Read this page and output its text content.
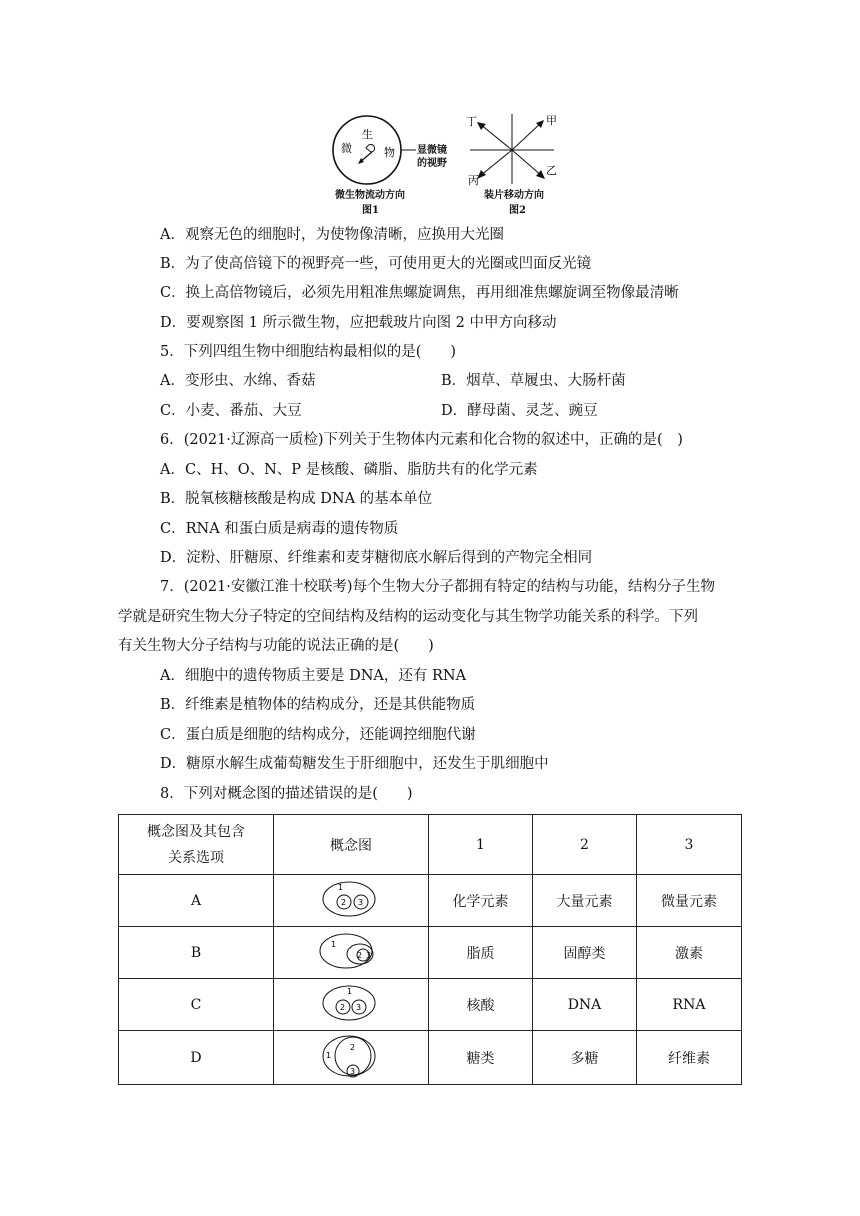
生
微	物 显微镜
的视野
微生物流动方向
图1
丁	甲
丙
乙
装片移动方向
图2
A．观察无色的细胞时，为使物像清晰，应换用大光圈
B．为了使高倍镜下的视野亮一些，可使用更大的光圈或凹面反光镜
C．换上高倍物镜后，必须先用粗准焦螺旋调焦，再用细准焦螺旋调至物像最清晰
D．要观察图 1 所示微生物，应把载玻片向图 2 中甲方向移动
5．下列四组生物中细胞结构最相似的是(　　)
A．变形虫、水绵、香菇	B．烟草、草履虫、大肠杆菌
C．小麦、番茄、大豆	D．酵母菌、灵芝、豌豆
6．(2021·辽源高一质检)下列关于生物体内元素和化合物的叙述中，正确的是(　)
A．C、H、O、N、P 是核酸、磷脂、脂肪共有的化学元素
B．脱氧核糖核酸是构成 DNA 的基本单位
C．RNA 和蛋白质是病毒的遗传物质
D．淀粉、肝糖原、纤维素和麦芽糖彻底水解后得到的产物完全相同
7．(2021·安徽江淮十校联考)每个生物大分子都拥有特定的结构与功能，结构分子生物
学就是研究生物大分子特定的空间结构及结构的运动变化与其生物学功能关系的科学。下列
有关生物大分子结构与功能的说法正确的是(　　)
A．细胞中的遗传物质主要是 DNA，还有 RNA
B．纤维素是植物体的结构成分，还是其供能物质
C．蛋白质是细胞的结构成分，还能调控细胞代谢
D．糖原水解生成葡萄糖发生于肝细胞中，还发生于肌细胞中
8．下列对概念图的描述错误的是(　　)
概念图及其包含
关系选项	概念图	1	2	3
A	1
2 3	化学元素	大量元素	微量元素
B	1
2 3	脂质	固醇类	激素
C	1
2 3	核酸	DNA	RNA
D	1
2
3	糖类	多糖	纤维素
